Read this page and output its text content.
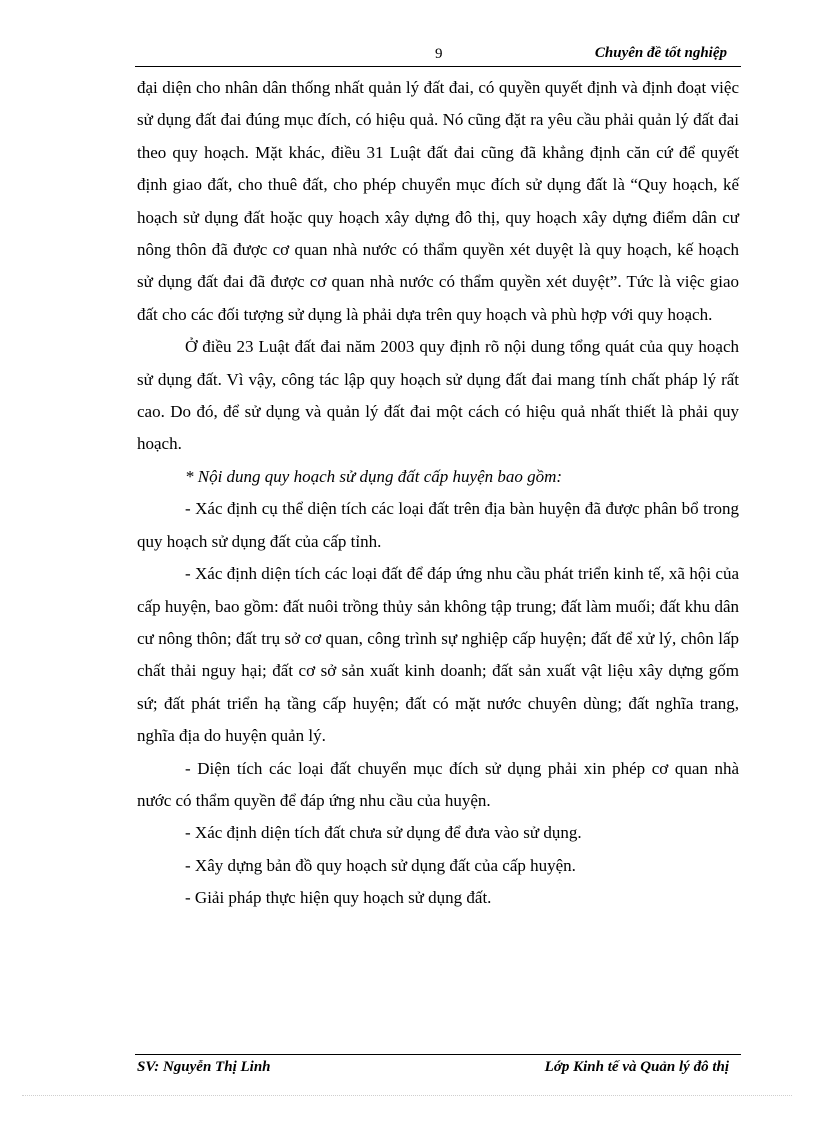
9	Chuyên đề tốt nghiệp

đại diện cho nhân dân thống nhất quản lý đất đai, có quyền quyết định và định đoạt việc sử dụng đất đai đúng mục đích, có hiệu quả. Nó cũng đặt ra yêu cầu phải quản lý đất đai theo quy hoạch. Mặt khác, điều 31 Luật đất đai cũng đã khẳng định căn cứ để quyết định giao đất, cho thuê đất, cho phép chuyển mục đích sử dụng đất là “Quy hoạch, kế hoạch sử dụng đất hoặc quy hoạch xây dựng đô thị, quy hoạch xây dựng điểm dân cư nông thôn đã được cơ quan nhà nước có thẩm quyền xét duyệt là quy hoạch, kế hoạch sử dụng đất đai đã được cơ quan nhà nước có thẩm quyền xét duyệt”. Tức là việc giao đất cho các đối tượng sử dụng là phải dựa trên quy hoạch và phù hợp với quy hoạch.

Ở điều 23 Luật đất đai năm 2003 quy định rõ nội dung tổng quát của quy hoạch sử dụng đất. Vì vậy, công tác lập quy hoạch sử dụng đất đai mang tính chất pháp lý rất cao. Do đó, để sử dụng và quản lý đất đai một cách có hiệu quả nhất thiết là phải quy hoạch.

* Nội dung quy hoạch sử dụng đất cấp huyện bao gồm:

- Xác định cụ thể diện tích các loại đất trên địa bàn huyện đã được phân bổ trong quy hoạch sử dụng đất của cấp tỉnh.

- Xác định diện tích các loại đất để đáp ứng nhu cầu phát triển kinh tế, xã hội của cấp huyện, bao gồm: đất nuôi trồng thủy sản không tập trung; đất làm muối; đất khu dân cư nông thôn; đất trụ sở cơ quan, công trình sự nghiệp cấp huyện; đất để xử lý, chôn lấp chất thải nguy hại; đất cơ sở sản xuất kinh doanh; đất sản xuất vật liệu xây dựng gốm sứ; đất phát triển hạ tầng cấp huyện; đất có mặt nước chuyên dùng; đất nghĩa trang, nghĩa địa do huyện quản lý.

- Diện tích các loại đất chuyển mục đích sử dụng phải xin phép cơ quan nhà nước có thẩm quyền để đáp ứng nhu cầu của huyện.

- Xác định diện tích đất chưa sử dụng để đưa vào sử dụng.

- Xây dựng bản đồ quy hoạch sử dụng đất của cấp huyện.

- Giải pháp thực hiện quy hoạch sử dụng đất.

SV: Nguyễn Thị Linh	Lớp Kinh tế và Quản lý đô thị
